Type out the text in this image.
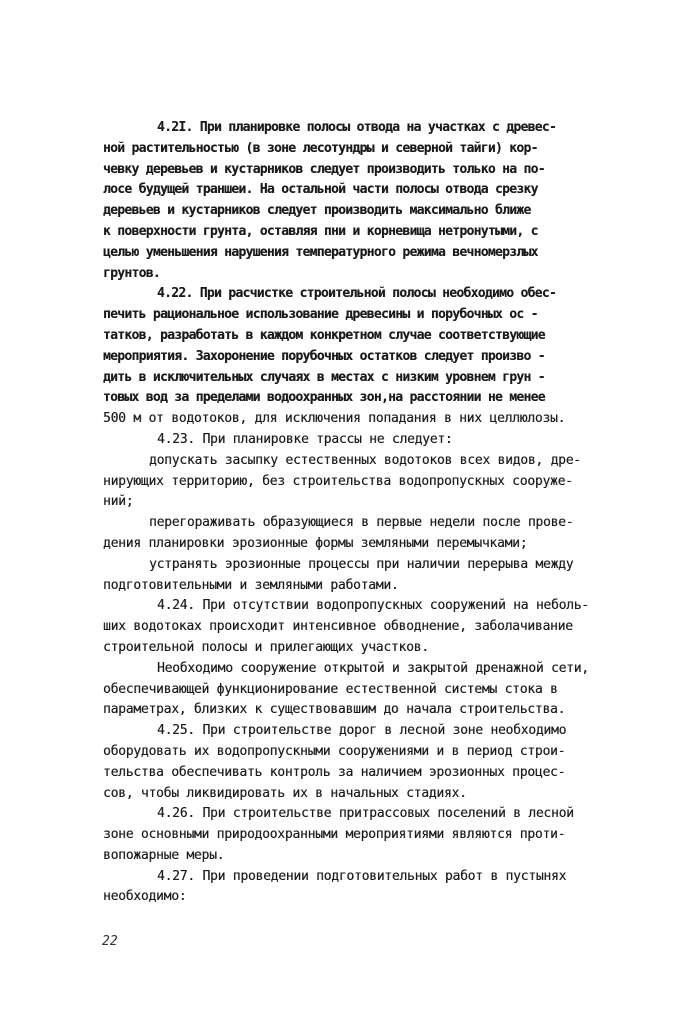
4.2I. При планировке полосы отвода на участках с древес-
ной растительностью (в зоне лесотундры и северной тайги) кор-
чевку деревьев и кустарников следует производить только на по-
лосе будущей траншеи. На остальной части полосы отвода срезку
деревьев и кустарников следует производить максимально ближе
к поверхности грунта, оставляя пни и корневища нетронутыми, с
целью уменьшения нарушения температурного режима вечномерзлых
грунтов.
4.22. При расчистке строительной полосы необходимо обес-
печить рациональное использование древесины и порубочных ос -
татков, разработать в каждом конкретном случае соответствующие
мероприятия. Захоронение порубочных остатков следует произво -
дить в исключительных случаях в местах с низким уровнем грун -
товых вод за пределами водоохранных зон,на расстоянии не менее
500 м от водотоков, для исключения попадания в них целлюлозы.
4.23. При планировке трассы не следует:
допускать засыпку естественных водотоков всех видов, дре-
нирующих территорию, без строительства водопропускных сооруже-
ний;
перегораживать образующиеся в первые недели после прове-
дения планировки эрозионные формы земляными перемычками;
устранять эрозионные процессы при наличии перерыва между
подготовительными и земляными работами.
4.24. При отсутствии водопропускных сооружений на неболь-
ших водотоках происходит интенсивное обводнение, заболачивание
строительной полосы и прилегающих участков.
Необходимо сооружение открытой и закрытой дренажной сети,
обеспечивающей функционирование естественной системы стока в
параметрах, близких к существовавшим до начала строительства.
4.25. При строительстве дорог в лесной зоне необходимо
оборудовать их водопропускными сооружениями и в период строи-
тельства обеспечивать контроль за наличием эрозионных процес-
сов, чтобы ликвидировать их в начальных стадиях.
4.26. При строительстве притрассовых поселений в лесной
зоне основными природоохранными мероприятиями являются проти-
вопожарные меры.
4.27. При проведении подготовительных работ в пустынях
необходимо:
22
